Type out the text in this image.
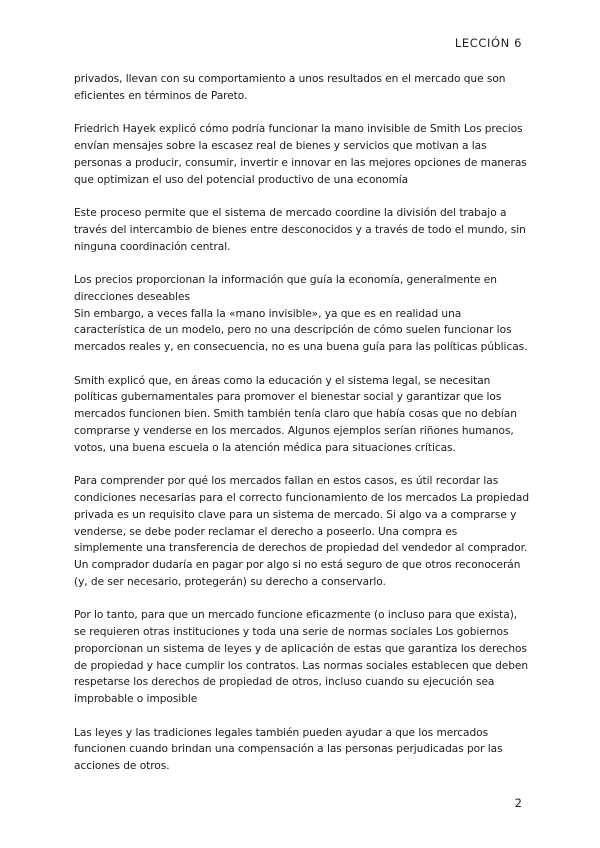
LECCIÓN 6

privados, llevan con su comportamiento a unos resultados en el mercado que son eficientes en términos de Pareto.

Friedrich Hayek explicó cómo podría funcionar la mano invisible de Smith Los precios envían mensajes sobre la escasez real de bienes y servicios que motivan a las personas a producir, consumir, invertir e innovar en las mejores opciones de maneras que optimizan el uso del potencial productivo de una economía

Este proceso permite que el sistema de mercado coordine la división del trabajo a través del intercambio de bienes entre desconocidos y a través de todo el mundo, sin ninguna coordinación central.

Los precios proporcionan la información que guía la economía, generalmente en direcciones deseables

Sin embargo, a veces falla la «mano invisible», ya que es en realidad una característica de un modelo, pero no una descripción de cómo suelen funcionar los mercados reales y, en consecuencia, no es una buena guía para las políticas públicas.

Smith explicó que, en áreas como la educación y el sistema legal, se necesitan políticas gubernamentales para promover el bienestar social y garantizar que los mercados funcionen bien. Smith también tenía claro que había cosas que no debían comprarse y venderse en los mercados. Algunos ejemplos serían riñones humanos, votos, una buena escuela o la atención médica para situaciones críticas.

Para comprender por qué los mercados fallan en estos casos, es útil recordar las condiciones necesarias para el correcto funcionamiento de los mercados La propiedad privada es un requisito clave para un sistema de mercado. Si algo va a comprarse y venderse, se debe poder reclamar el derecho a poseerlo. Una compra es simplemente una transferencia de derechos de propiedad del vendedor al comprador. Un comprador dudaría en pagar por algo si no está seguro de que otros reconocerán (y, de ser necesario, protegerán) su derecho a conservarlo.

Por lo tanto, para que un mercado funcione eficazmente (o incluso para que exista), se requieren otras instituciones y toda una serie de normas sociales Los gobiernos proporcionan un sistema de leyes y de aplicación de estas que garantiza los derechos de propiedad y hace cumplir los contratos. Las normas sociales establecen que deben respetarse los derechos de propiedad de otros, incluso cuando su ejecución sea improbable o imposible

Las leyes y las tradiciones legales también pueden ayudar a que los mercados funcionen cuando brindan una compensación a las personas perjudicadas por las acciones de otros.

2
